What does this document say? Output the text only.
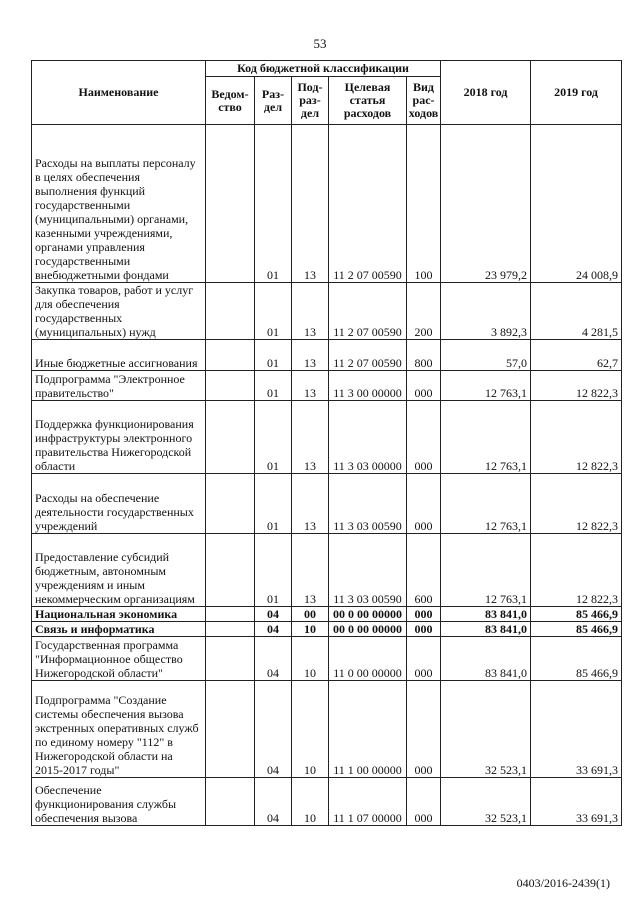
53
Наименование	Код бюджетной классификации					2018 год	2019 год
	Ведом-ство	Раз-дел	Под-раз-дел	Целевая статья расходов	Вид рас-ходов		
Расходы на выплаты персоналу в целях обеспечения выполнения функций государственными (муниципальными) органами, казенными учреждениями, органами управления государственными внебюджетными фондами		01	13	11 2 07 00590	100	23 979,2	24 008,9
Закупка товаров, работ и услуг для обеспечения государственных (муниципальных) нужд		01	13	11 2 07 00590	200	3 892,3	4 281,5
Иные бюджетные ассигнования		01	13	11 2 07 00590	800	57,0	62,7
Подпрограмма "Электронное правительство"		01	13	11 3 00 00000	000	12 763,1	12 822,3
Поддержка функционирования инфраструктуры электронного правительства Нижегородской области		01	13	11 3 03 00000	000	12 763,1	12 822,3
Расходы на обеспечение деятельности государственных учреждений		01	13	11 3 03 00590	000	12 763,1	12 822,3
Предоставление субсидий бюджетным, автономным учреждениям и иным некоммерческим организациям		01	13	11 3 03 00590	600	12 763,1	12 822,3
Национальная экономика		04	00	00 0 00 00000	000	83 841,0	85 466,9
Связь и информатика		04	10	00 0 00 00000	000	83 841,0	85 466,9
Государственная программа "Информационное общество Нижегородской области"		04	10	11 0 00 00000	000	83 841,0	85 466,9
Подпрограмма "Создание системы обеспечения вызова экстренных оперативных служб по единому номеру "112" в Нижегородской области на 2015-2017 годы"		04	10	11 1 00 00000	000	32 523,1	33 691,3
Обеспечение функционирования службы обеспечения вызова		04	10	11 1 07 00000	000	32 523,1	33 691,3
0403/2016-2439(1)
